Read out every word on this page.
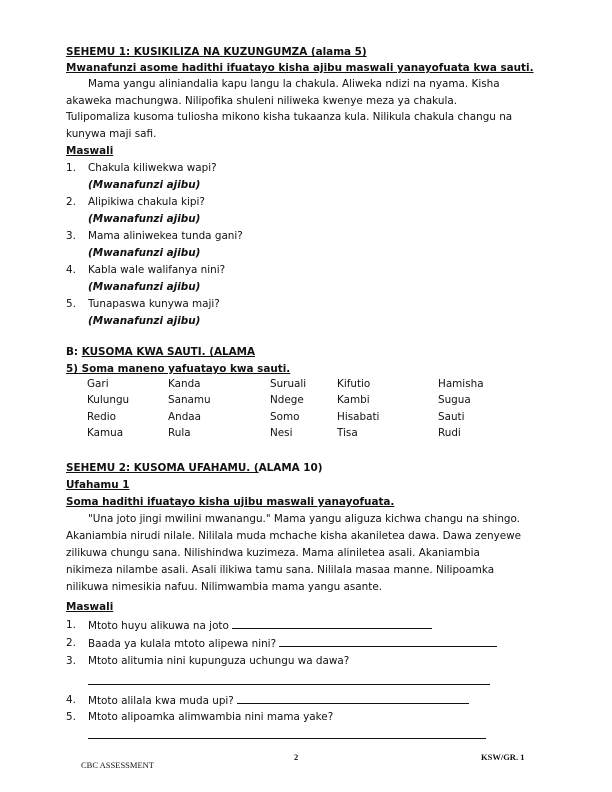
SEHEMU 1: KUSIKILIZA NA KUZUNGUMZA (alama 5)
Mwanafunzi asome hadithi ifuatayo kisha ajibu maswali yanayofuata kwa sauti.
Mama yangu aliniandalia kapu langu la chakula. Aliweka ndizi na nyama. Kisha
akaweka machungwa. Nilipofika shuleni niliweka kwenye meza ya chakula.
Tulipomaliza kusoma tuliosha mikono kisha tukaanza kula. Nilikula chakula changu na
kunywa maji safi.
Maswali
1. Chakula kiliwekwa wapi?
(Mwanafunzi ajibu)
2. Alipikiwa chakula kipi?
(Mwanafunzi ajibu)
3. Mama aliniwekea tunda gani?
(Mwanafunzi ajibu)
4. Kabla wale walifanya nini?
(Mwanafunzi ajibu)
5. Tunapaswa kunywa maji?
(Mwanafunzi ajibu)
B: KUSOMA KWA SAUTI. (ALAMA
5) Soma maneno yafuatayo kwa sauti.
Gari	Kanda	Suruali	Kifutio	Hamisha
Kulungu	Sanamu	Ndege	Kambi	Sugua
Redio	Andaa	Somo	Hisabati	Sauti
Kamua	Rula	Nesi	Tisa	Rudi
SEHEMU 2: KUSOMA UFAHAMU. (ALAMA 10)
Ufahamu 1
Soma hadithi ifuatayo kisha ujibu maswali yanayofuata.
"Una joto jingi mwilini mwanangu." Mama yangu aliguza kichwa changu na shingo.
Akaniambia nirudi nilale. Nililala muda mchache kisha akaniletea dawa. Dawa zenyewe
zilikuwa chungu sana. Nilishindwa kuzimeza. Mama aliniletea asali. Akaniambia
nikimeza nilambe asali. Asali ilikiwa tamu sana. Nililala masaa manne. Nilipoamka
nilikuwa nimesikia nafuu. Nilimwambia mama yangu asante.
Maswali
1. Mtoto huyu alikuwa na joto
2. Baada ya kulala mtoto alipewa nini?
3. Mtoto alitumia nini kupunguza uchungu wa dawa?
4. Mtoto alilala kwa muda upi?
5. Mtoto alipoamka alimwambia nini mama yake?
2	KSW/GR. 1
CBC ASSESSMENT
